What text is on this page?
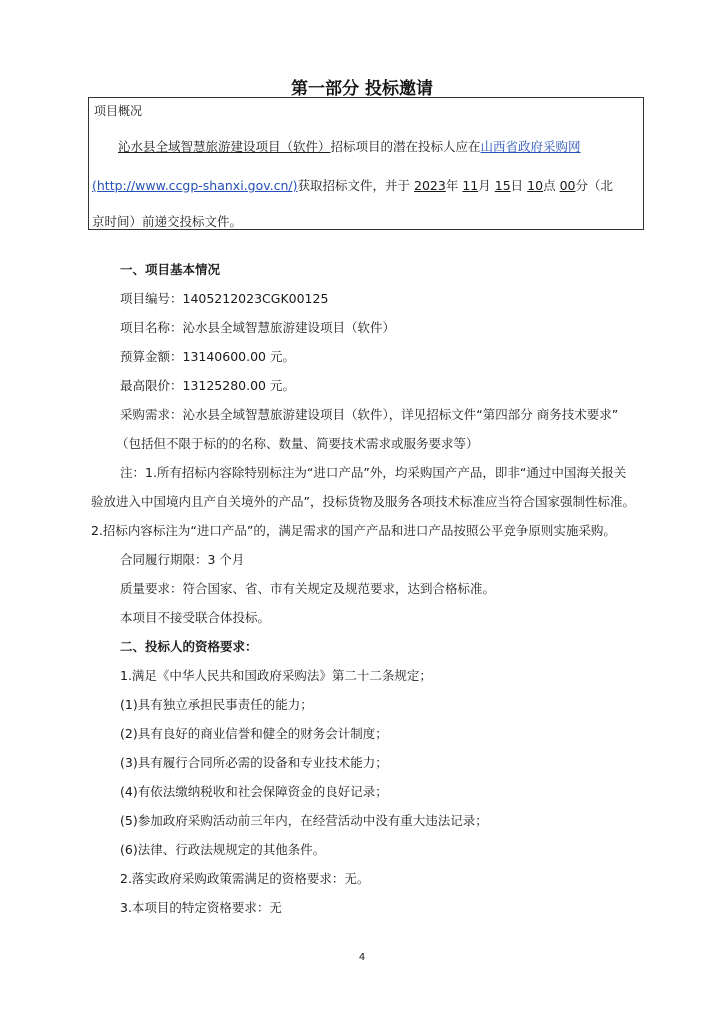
第一部分 投标邀请
项目概况
沁水县全域智慧旅游建设项目（软件）招标项目的潜在投标人应在山西省政府采购网
(http://www.ccgp-shanxi.gov.cn/)获取招标文件，并于 2023年 11月 15日 10点 00分（北
京时间）前递交投标文件。
一、项目基本情况
项目编号：1405212023CGK00125
项目名称：沁水县全域智慧旅游建设项目（软件）
预算金额：13140600.00 元。
最高限价：13125280.00 元。
采购需求：沁水县全域智慧旅游建设项目（软件），详见招标文件“第四部分 商务技术要求”
（包括但不限于标的的名称、数量、简要技术需求或服务要求等）
注：1.所有招标内容除特别标注为“进口产品”外，均采购国产产品，即非“通过中国海关报关
验放进入中国境内且产自关境外的产品”，投标货物及服务各项技术标准应当符合国家强制性标准。
2.招标内容标注为“进口产品”的，满足需求的国产产品和进口产品按照公平竞争原则实施采购。
合同履行期限：3 个月
质量要求：符合国家、省、市有关规定及规范要求，达到合格标准。
本项目不接受联合体投标。
二、投标人的资格要求：
1.满足《中华人民共和国政府采购法》第二十二条规定；
(1)具有独立承担民事责任的能力；
(2)具有良好的商业信誉和健全的财务会计制度；
(3)具有履行合同所必需的设备和专业技术能力；
(4)有依法缴纳税收和社会保障资金的良好记录；
(5)参加政府采购活动前三年内，在经营活动中没有重大违法记录；
(6)法律、行政法规规定的其他条件。
2.落实政府采购政策需满足的资格要求：无。
3.本项目的特定资格要求：无
4
